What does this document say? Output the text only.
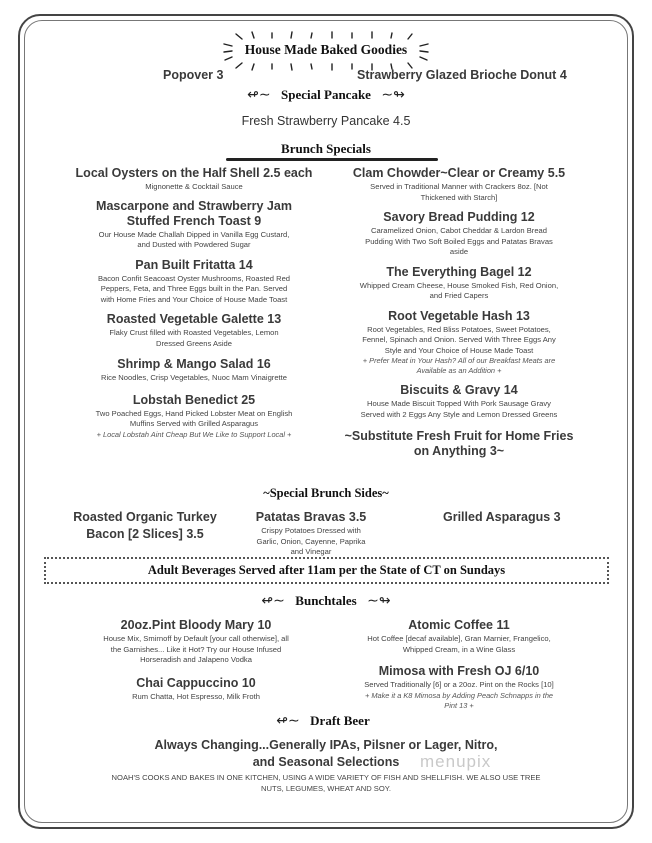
House Made Baked Goodies
Popover 3	Strawberry Glazed Brioche Donut 4
↫∼ Special Pancake ∼↬
Fresh Strawberry Pancake 4.5
Brunch Specials
Local Oysters on the Half Shell 2.5 each
Mignonette & Cocktail Sauce
Mascarpone and Strawberry Jam
Stuffed French Toast 9
Our House Made Challah Dipped in Vanilla Egg Custard,
and Dusted with Powdered Sugar
Pan Built Fritatta 14
Bacon Confit Seacoast Oyster Mushrooms, Roasted Red
Peppers, Feta, and Three Eggs built in the Pan. Served
with Home Fries and Your Choice of House Made Toast
Roasted Vegetable Galette 13
Flaky Crust filled with Roasted Vegetables, Lemon
Dressed Greens Aside
Shrimp & Mango Salad 16
Rice Noodles, Crisp Vegetables, Nuoc Mam Vinaigrette
Lobstah Benedict 25
Two Poached Eggs, Hand Picked Lobster Meat on English
Muffins Served with Grilled Asparagus
+ Local Lobstah Aint Cheap But We Like to Support Local +
Clam Chowder~Clear or Creamy 5.5
Served in Traditional Manner with Crackers 8oz. [Not
Thickened with Starch]
Savory Bread Pudding 12
Caramelized Onion, Cabot Cheddar & Lardon Bread
Pudding With Two Soft Boiled Eggs and Patatas Bravas
aside
The Everything Bagel 12
Whipped Cream Cheese, House Smoked Fish, Red Onion,
and Fried Capers
Root Vegetable Hash 13
Root Vegetables, Red Bliss Potatoes, Sweet Potatoes,
Fennel, Spinach and Onion. Served With Three Eggs Any
Style and Your Choice of House Made Toast
+ Prefer Meat in Your Hash? All of our Breakfast Meats are
Available as an Addition +
Biscuits & Gravy 14
House Made Biscuit Topped With Pork Sausage Gravy
Served with 2 Eggs Any Style and Lemon Dressed Greens
~Substitute Fresh Fruit for Home Fries
on Anything 3~
~Special Brunch Sides~
Roasted Organic Turkey
Bacon [2 Slices] 3.5
Patatas Bravas 3.5
Crispy Potatoes Dressed with
Garlic, Onion, Cayenne, Paprika
and Vinegar
Grilled Asparagus 3
Adult Beverages Served after 11am per the State of CT on Sundays
↫∼ Bunchtales ∼↬
20oz.Pint Bloody Mary 10
House Mix, Smirnoff by Default [your call otherwise], all
the Garnishes... Like it Hot? Try our House Infused
Horseradish and Jalapeno Vodka
Chai Cappuccino 10
Rum Chatta, Hot Espresso, Milk Froth
Atomic Coffee 11
Hot Coffee [decaf available], Gran Marnier, Frangelico,
Whipped Cream, in a Wine Glass
Mimosa with Fresh OJ 6/10
Served Traditionally [6] or a 20oz. Pint on the Rocks [10]
+ Make it a K8 Mimosa by Adding Peach Schnapps in the
Pint 13 +
↫∼ Draft Beer
Always Changing...Generally IPAs, Pilsner or Lager, Nitro,
and Seasonal Selections	menupix
NOAH'S COOKS AND BAKES IN ONE KITCHEN, USING A WIDE VARIETY OF FISH AND SHELLFISH. WE ALSO USE TREE
NUTS, LEGUMES, WHEAT AND SOY.
